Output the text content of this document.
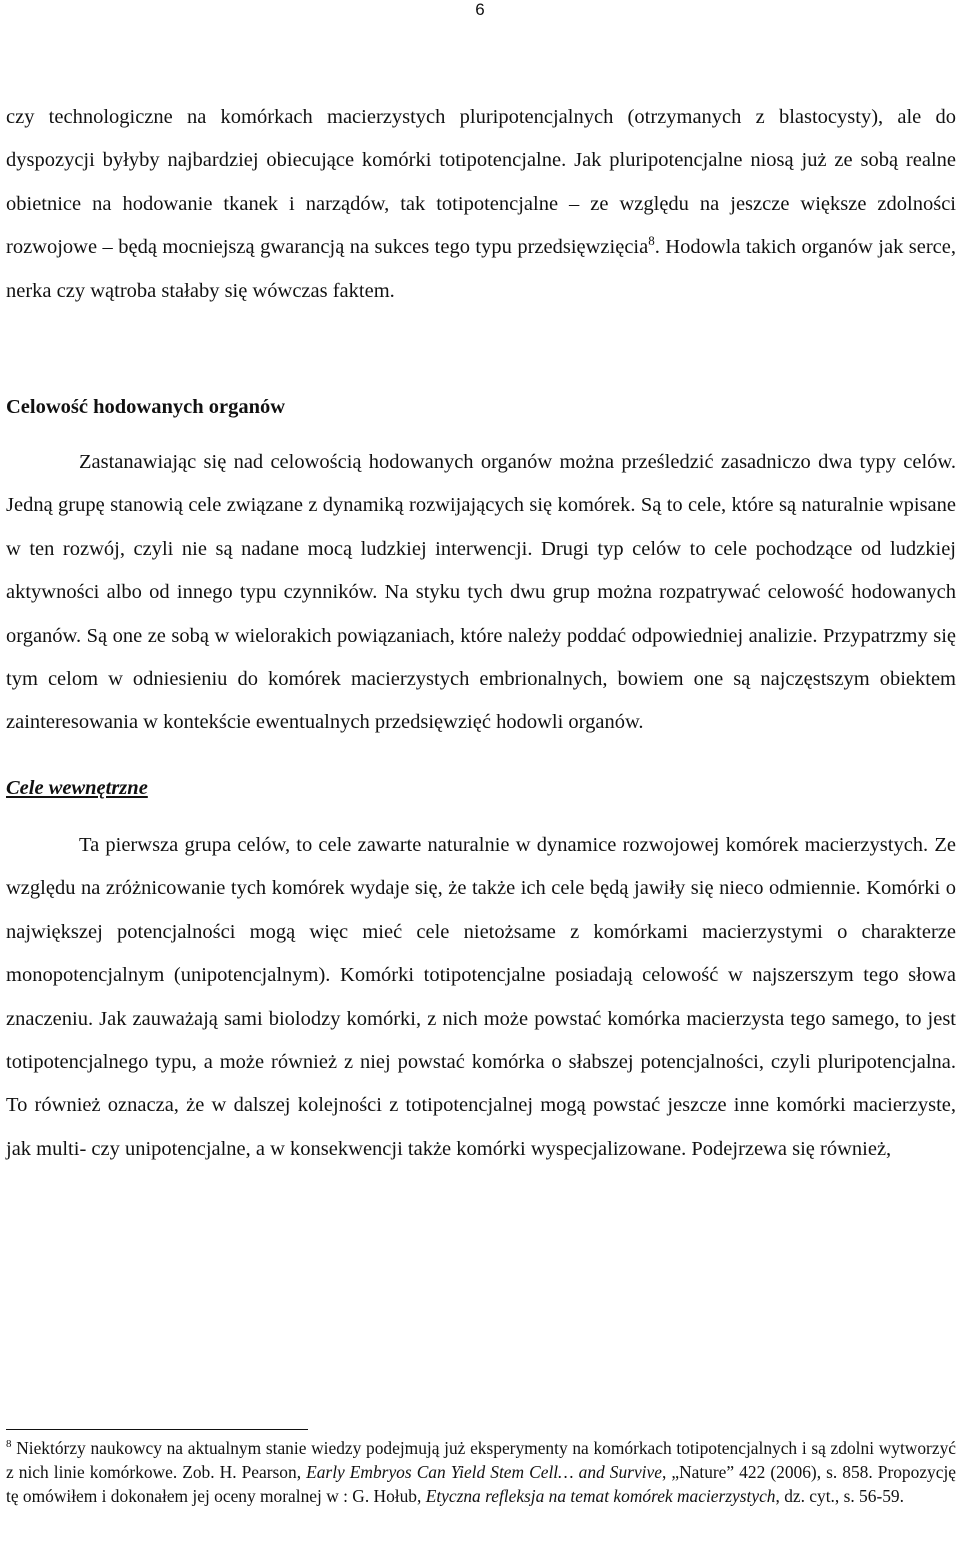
6

czy technologiczne na komórkach macierzystych pluripotencjalnych (otrzymanych z blastocysty), ale do dyspozycji byłyby najbardziej obiecujące komórki totipotencjalne. Jak pluripotencjalne niosą już ze sobą realne obietnice na hodowanie tkanek i narządów, tak totipotencjalne – ze względu na jeszcze większe zdolności rozwojowe – będą mocniejszą gwarancją na sukces tego typu przedsięwzięcia$^8$. Hodowla takich organów jak serce, nerka czy wątroba stałaby się wówczas faktem.

Celowość hodowanych organów

Zastanawiając się nad celowością hodowanych organów można prześledzić zasadniczo dwa typy celów. Jedną grupę stanowią cele związane z dynamiką rozwijających się komórek. Są to cele, które są naturalnie wpisane w ten rozwój, czyli nie są nadane mocą ludzkiej interwencji. Drugi typ celów to cele pochodzące od ludzkiej aktywności albo od innego typu czynników. Na styku tych dwu grup można rozpatrywać celowość hodowanych organów. Są one ze sobą w wielorakich powiązaniach, które należy poddać odpowiedniej analizie. Przypatrzmy się tym celom w odniesieniu do komórek macierzystych embrionalnych, bowiem one są najczęstszym obiektem zainteresowania w kontekście ewentualnych przedsięwzięć hodowli organów.

Cele wewnętrzne

Ta pierwsza grupa celów, to cele zawarte naturalnie w dynamice rozwojowej komórek macierzystych. Ze względu na zróżnicowanie tych komórek wydaje się, że także ich cele będą jawiły się nieco odmiennie. Komórki o największej potencjalności mogą więc mieć cele nietożsame z komórkami macierzystymi o charakterze monopotencjalnym (unipotencjalnym). Komórki totipotencjalne posiadają celowość w najszerszym tego słowa znaczeniu. Jak zauważają sami biolodzy komórki, z nich może powstać komórka macierzysta tego samego, to jest totipotencjalnego typu, a może również z niej powstać komórka o słabszej potencjalności, czyli pluripotencjalna. To również oznacza, że w dalszej kolejności z totipotencjalnej mogą powstać jeszcze inne komórki macierzyste, jak multi- czy unipotencjalne, a w konsekwencji także komórki wyspecjalizowane. Podejrzewa się również,

$^8$ Niektórzy naukowcy na aktualnym stanie wiedzy podejmują już eksperymenty na komórkach totipotencjalnych i są zdolni wytworzyć z nich linie komórkowe. Zob. H. Pearson, Early Embryos Can Yield Stem Cell… and Survive, „Nature” 422 (2006), s. 858. Propozycję tę omówiłem i dokonałem jej oceny moralnej w : G. Hołub, Etyczna refleksja na temat komórek macierzystych, dz. cyt., s. 56-59.
